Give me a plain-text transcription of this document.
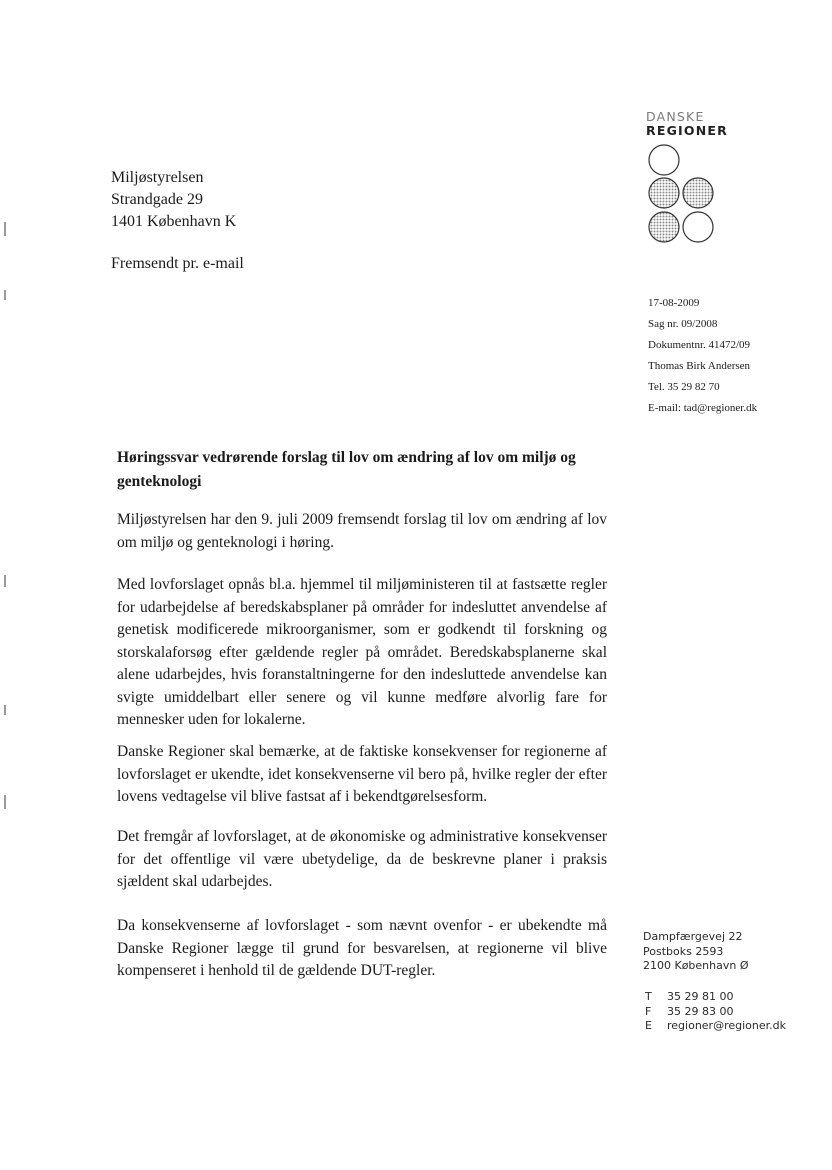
Miljøstyrelsen
Strandgade 29
1401 København K
Fremsendt pr. e-mail
DANSKE
REGIONER
17-08-2009
Sag nr. 09/2008
Dokumentnr. 41472/09
Thomas Birk Andersen
Tel. 35 29 82 70
E-mail: tad@regioner.dk
Høringssvar vedrørende forslag til lov om ændring af lov om miljø og genteknologi
Miljøstyrelsen har den 9. juli 2009 fremsendt forslag til lov om ændring af lov om miljø og genteknologi i høring.
Med lovforslaget opnås bl.a. hjemmel til miljøministeren til at fastsætte regler for udarbejdelse af beredskabsplaner på områder for indesluttet anvendelse af genetisk modificerede mikroorganismer, som er godkendt til forskning og storskalaforsøg efter gældende regler på området. Beredskabsplanerne skal alene udarbejdes, hvis foranstaltningerne for den indesluttede anvendelse kan svigte umiddelbart eller senere og vil kunne medføre alvorlig fare for mennesker uden for lokalerne.
Danske Regioner skal bemærke, at de faktiske konsekvenser for regionerne af lovforslaget er ukendte, idet konsekvenserne vil bero på, hvilke regler der efter lovens vedtagelse vil blive fastsat af i bekendtgørelsesform.
Det fremgår af lovforslaget, at de økonomiske og administrative konsekvenser for det offentlige vil være ubetydelige, da de beskrevne planer i praksis sjældent skal udarbejdes.
Da konsekvenserne af lovforslaget - som nævnt ovenfor - er ubekendte må Danske Regioner lægge til grund for besvarelsen, at regionerne vil blive kompenseret i henhold til de gældende DUT-regler.
Dampfærgevej 22
Postboks 2593
2100 København Ø
T	35 29 81 00
F	35 29 83 00
E	regioner@regioner.dk
